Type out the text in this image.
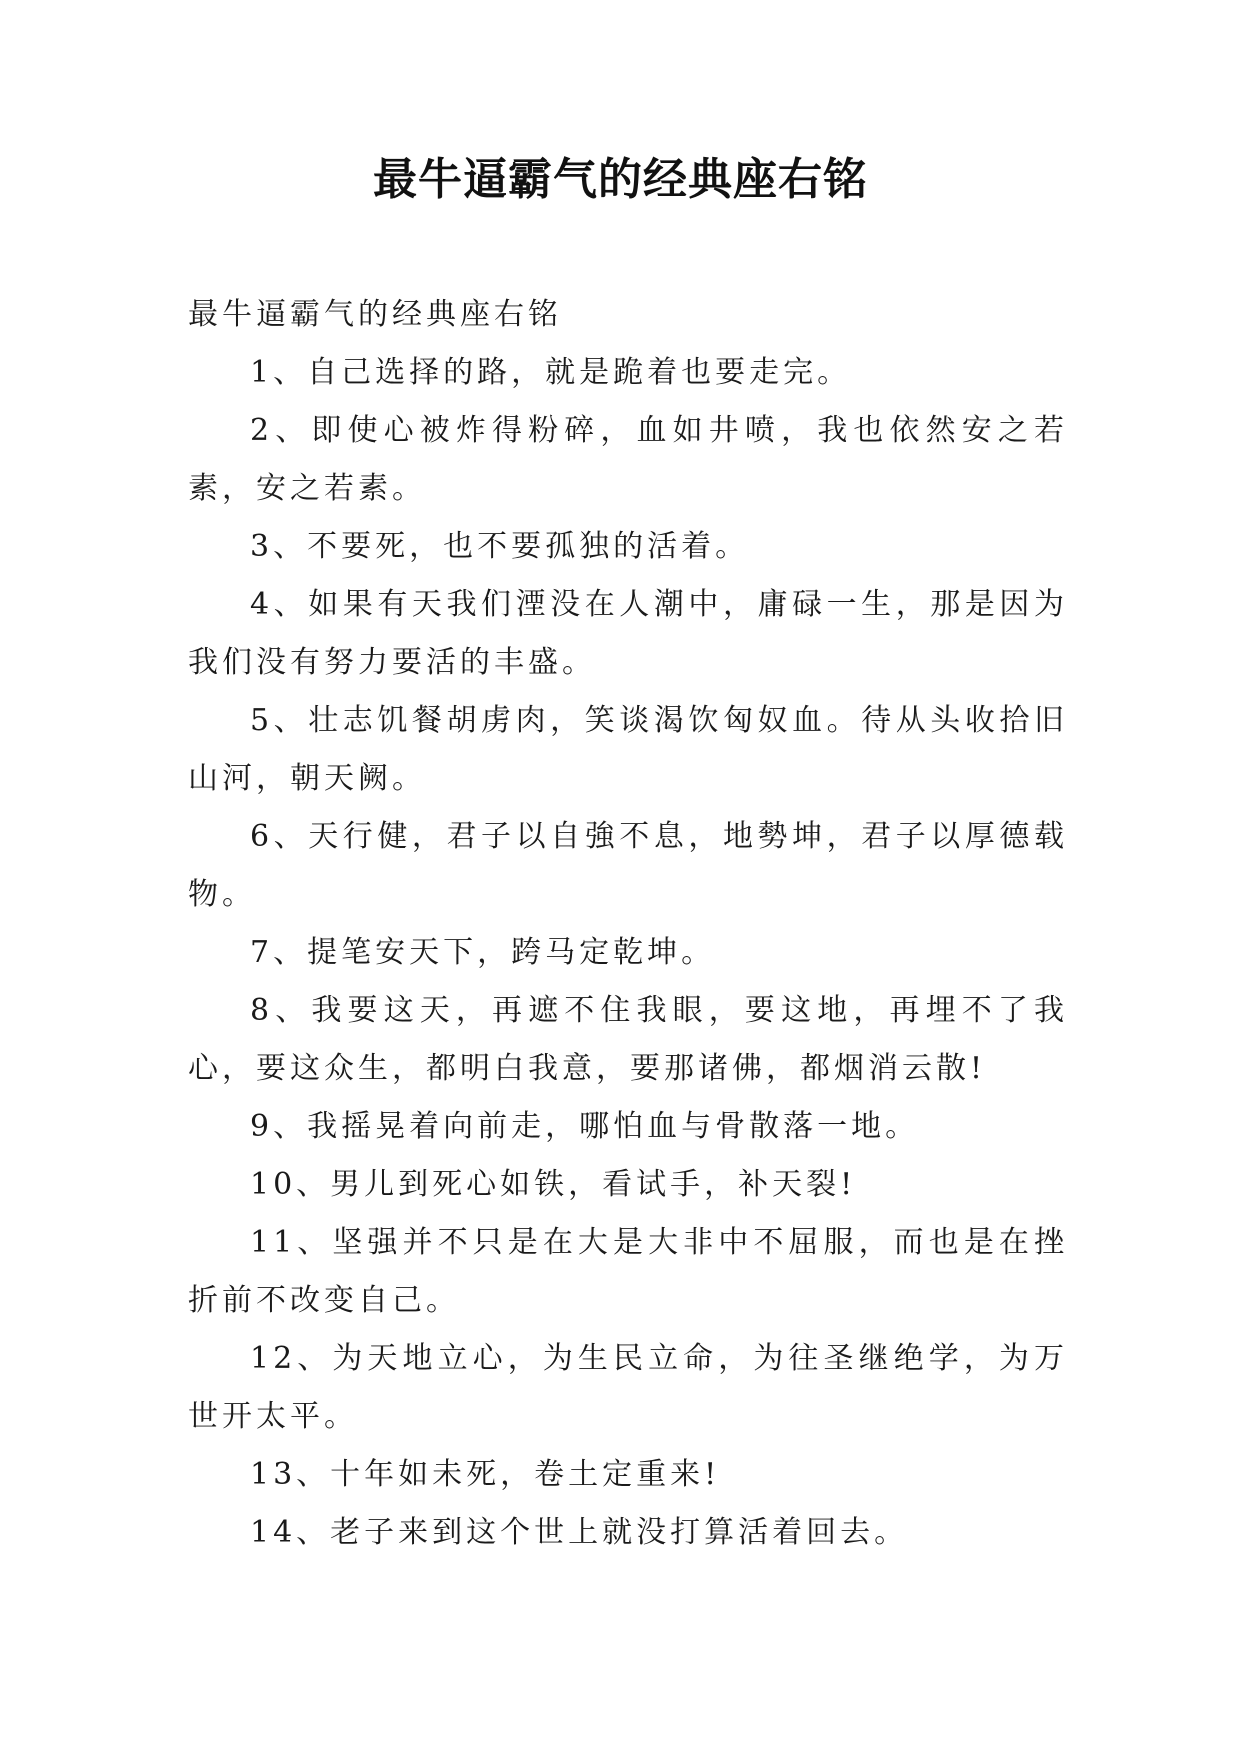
最牛逼霸气的经典座右铭

最牛逼霸气的经典座右铭

1、自己选择的路，就是跪着也要走完。

2、即使心被炸得粉碎，血如井喷，我也依然安之若素，安之若素。

3、不要死，也不要孤独的活着。

4、如果有天我们湮没在人潮中，庸碌一生，那是因为我们没有努力要活的丰盛。

5、壮志饥餐胡虏肉，笑谈渴饮匈奴血。待从头收拾旧山河，朝天阙。

6、天行健，君子以自強不息，地勢坤，君子以厚德载物。

7、提笔安天下，跨马定乾坤。

8、我要这天，再遮不住我眼，要这地，再埋不了我心，要这众生，都明白我意，要那诸佛，都烟消云散!

9、我摇晃着向前走，哪怕血与骨散落一地。

10、男儿到死心如铁，看试手，补天裂!

11、坚强并不只是在大是大非中不屈服，而也是在挫折前不改变自己。

12、为天地立心，为生民立命，为往圣继绝学，为万世开太平。

13、十年如未死，卷土定重来!

14、老子来到这个世上就没打算活着回去。
